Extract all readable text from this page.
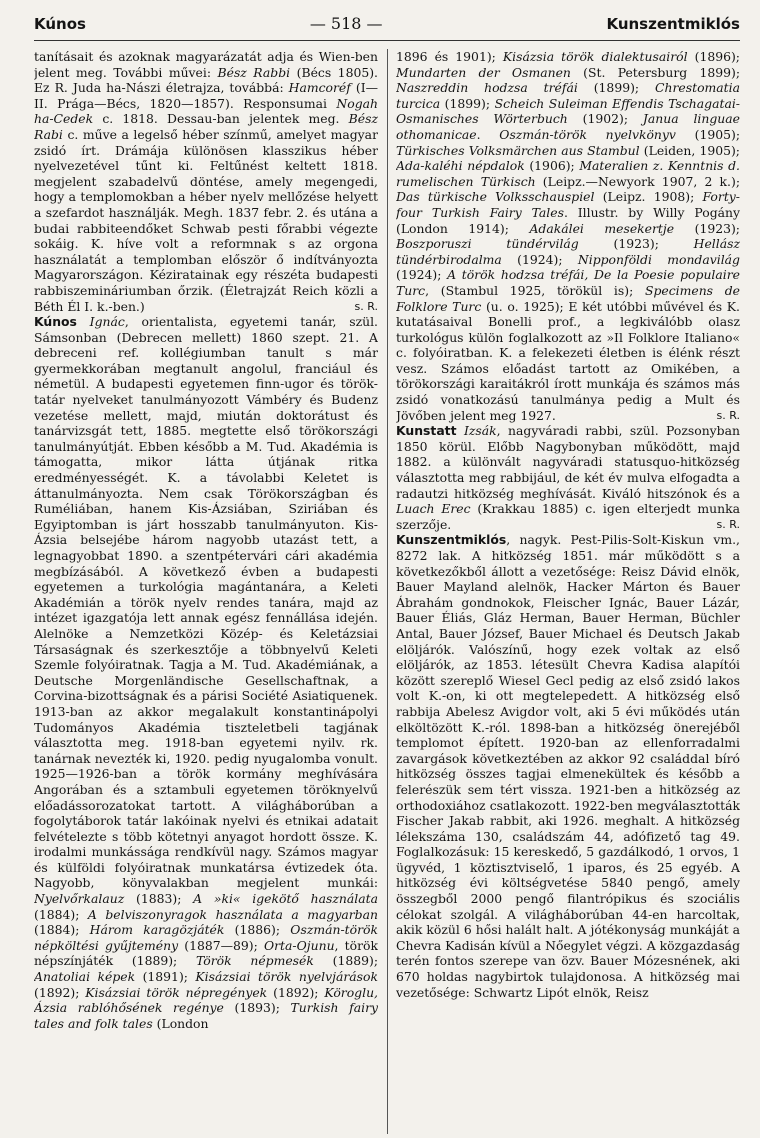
Kúnos	— 518 —	Kunszentmiklós

tanításait és azoknak magyarázatát adja és Wien-ben jelent meg. További művei: Bész Rabbi (Bécs 1805). Ez R. Juda ha-Nászi életrajza, továbbá: Hamcoréf (I—II. Prága—Bécs, 1820—1857). Responsumai Nogah ha-Cedek c. 1818. Dessau-ban jelentek meg. Bész Rabi c. műve a legelső héber színmű, amelyet magyar zsidó írt. Drámája különösen klasszikus héber nyelvezetével tűnt ki. Feltűnést keltett 1818. megjelent szabadelvű döntése, amely megengedi, hogy a templomokban a héber nyelv mellőzése helyett a szefardot használják. Megh. 1837 febr. 2. és utána a budai rabbiteendőket Schwab pesti főrabbi végezte sokáig. K. híve volt a reformnak s az orgona használatát a templomban először ő indítványozta Magyarországon. Kéziratainak egy részéta budapesti rabbiszemináriumban őrzik. (Életrajzát Reich közli a Béth Él I. k.-ben.)	s. R.

Kúnos Ignác, orientalista, egyetemi tanár, szül. Sámsonban (Debrecen mellett) 1860 szept. 21. A debreceni ref. kollégiumban tanult s már gyermekkorában megtanult angolul, franciául és németül. A budapesti egyetemen finn-ugor és török-tatár nyelveket tanulmányozott Vámbéry és Budenz vezetése mellett, majd, miután doktorátust és tanárvizsgát tett, 1885. megtette első törökországi tanulmányútját. Ebben később a M. Tud. Akadémia is támogatta, mikor látta útjának ritka eredményességét. K. a távolabbi Keletet is áttanulmányozta. Nem csak Törökországban és Ruméliában, hanem Kis-Ázsiában, Sziriában és Egyiptomban is járt hosszabb tanulmányuton. Kis-Ázsia belsejébe három nagyobb utazást tett, a legnagyobbat 1890. a szentpétervári cári akadémia megbízásából. A következő évben a budapesti egyetemen a turkológia magántanára, a Keleti Akadémián a török nyelv rendes tanára, majd az intézet igazgatója lett annak egész fennállása idején. Alelnöke a Nemzetközi Közép- és Keletázsiai Társaságnak és szerkesztője a többnyelvű Keleti Szemle folyóiratnak. Tagja a M. Tud. Akadémiának, a Deutsche Morgenländische Gesellschaftnak, a Corvina-bizottságnak és a párisi Société Asiatiquenek. 1913-ban az akkor megalakult konstantinápolyi Tudományos Akadémia tiszteletbeli tagjának választotta meg. 1918-ban egyetemi nyilv. rk. tanárnak nevezték ki, 1920. pedig nyugalomba vonult. 1925—1926-ban a török kormány meghívására Angorában és a sztambuli egyetemen töröknyelvű előadássorozatokat tartott. A világháborúban a fogolytáborok tatár lakóinak nyelvi és etnikai adatait felvételezte s több kötetnyi anyagot hordott össze. K. irodalmi munkássága rendkívül nagy. Számos magyar és külföldi folyóiratnak munkatársa évtizedek óta. Nagyobb, könyvalakban megjelent munkái: Nyelvőrkalauz (1883); A »ki« igekötő használata (1884); A belviszonyragok használata a magyarban (1884); Három karagözjáték (1886); Oszmán-török népköltési gyűjtemény (1887—89); Orta-Ojunu, török népszínjáték (1889); Török népmesék (1889); Anatoliai képek (1891); Kisázsiai török nyelvjárások (1892); Kisázsiai török népregények (1892); Köroglu, Ázsia rablóhősének regénye (1893); Turkish fairy tales and folk tales (London

1896 és 1901); Kisázsia török dialektusairól (1896); Mundarten der Osmanen (St. Petersburg 1899); Naszreddin hodzsa tréfái (1899); Chrestomatia turcica (1899); Scheich Suleiman Effendis Tschagatai-Osmanisches Wörterbuch (1902); Janua linguae othomanicae. Oszmán-török nyelvkönyv (1905); Türkisches Volksmärchen aus Stambul (Leiden, 1905); Ada-kaléhi népdalok (1906); Materalien z. Kenntnis d. rumelischen Türkisch (Leipz.—Newyork 1907, 2 k.); Das türkische Volksschauspiel (Leipz. 1908); Forty-four Turkish Fairy Tales. Illustr. by Willy Pogány (London 1914); Adakálei mesekertje (1923); Boszporuszi tündérvilág (1923); Hellász tündérbirodalma (1924); Nipponföldi mondavilág (1924); A török hodzsa tréfái, De la Poesie populaire Turc, (Stambul 1925, törökül is); Specimens de Folklore Turc (u. o. 1925); E két utóbbi művével és K. kutatásaival Bonelli prof., a legkiválóbb olasz turkológus külön foglalkozott az »Il Folklore Italiano« c. folyóiratban. K. a felekezeti életben is élénk részt vesz. Számos előadást tartott az Omikében, a törökországi karaitákról írott munkája és számos más zsidó vonatkozású tanulmánya pedig a Mult és Jövőben jelent meg 1927.	s. R.

Kunstatt Izsák, nagyváradi rabbi, szül. Pozsonyban 1850 körül. Előbb Nagybonyban működött, majd 1882. a különvált nagyváradi statusquo-hitközség választotta meg rabbijául, de két év mulva elfogadta a radautzi hitközség meghívását. Kiváló hitszónok és a Luach Erec (Krakkau 1885) c. igen elterjedt munka szerzője.	s. R.

Kunszentmiklós, nagyk. Pest-Pilis-Solt-Kiskun vm., 8272 lak. A hitközség 1851. már működött s a következőkből állott a vezetősége: Reisz Dávid elnök, Bauer Mayland alelnök, Hacker Márton és Bauer Ábrahám gondnokok, Fleischer Ignác, Bauer Lázár, Bauer Éliás, Gláz Herman, Bauer Herman, Büchler Antal, Bauer József, Bauer Michael és Deutsch Jakab elöljárók. Valószínű, hogy ezek voltak az első elöljárók, az 1853. létesült Chevra Kadisa alapítói között szereplő Wiesel Gecl pedig az első zsidó lakos volt K.-on, ki ott megtelepedett. A hitközség első rabbija Abelesz Avigdor volt, aki 5 évi működés után elköltözött K.-ról. 1898-ban a hitközség önerejéből templomot épített. 1920-ban az ellenforradalmi zavargások következtében az akkor 92 családdal bíró hitközség összes tagjai elmenekültek és később a felerészük sem tért vissza. 1921-ben a hitközség az orthodoxiához csatlakozott. 1922-ben megválasztották Fischer Jakab rabbit, aki 1926. meghalt. A hitközség lélekszáma 130, családszám 44, adófizető tag 49. Foglalkozásuk: 15 kereskedő, 5 gazdálkodó, 1 orvos, 1 ügyvéd, 1 köztisztviselő, 1 iparos, és 25 egyéb. A hitközség évi költségvetése 5840 pengő, amely összegből 2000 pengő filantrópikus és szociális célokat szolgál. A világháborúban 44-en harcoltak, akik közül 6 hősi halált halt. A jótékonyság munkáját a Chevra Kadisán kívül a Nőegylet végzi. A közgazdaság terén fontos szerepe van özv. Bauer Mózesnének, aki 670 holdas nagybirtok tulajdonosa. A hitközség mai vezetősége: Schwartz Lipót elnök, Reisz
